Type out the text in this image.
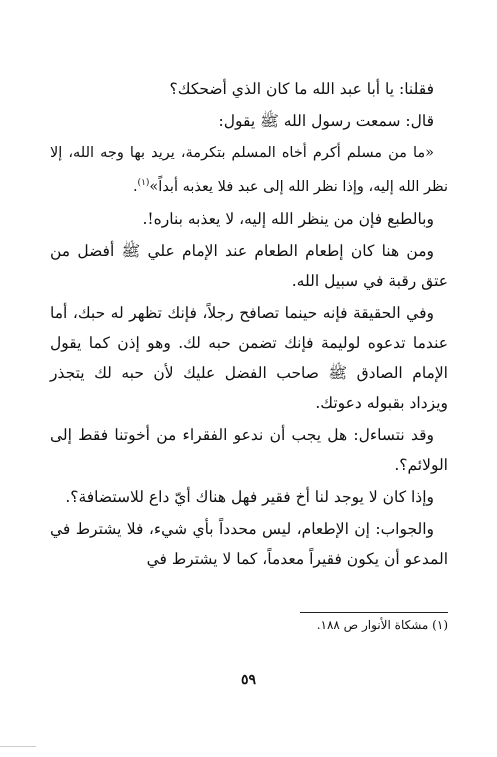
فقلنا: يا أبا عبد الله ما كان الذي أضحكك؟

قال: سمعت رسول الله ﷺ يقول:

«ما من مسلم أكرم أخاه المسلم بتكرمة، يريد بها وجه الله، إلا نظر الله إليه، وإذا نظر الله إلى عبد فلا يعذبه أبداً»$^{(١)}$.

وبالطبع فإن من ينظر الله إليه، لا يعذبه بناره!.

ومن هنا كان إطعام الطعام عند الإمام علي ﷺ أفضل من عتق رقبة في سبيل الله.

وفي الحقيقة فإنه حينما تصافح رجلاً، فإنك تظهر له حبك، أما عندما تدعوه لوليمة فإنك تضمن حبه لك. وهو إذن كما يقول الإمام الصادق ﷺ صاحب الفضل عليك لأن حبه لك يتجذر ويزداد بقبوله دعوتك.

وقد نتساءل: هل يجب أن ندعو الفقراء من أخوتنا فقط إلى الولائم؟.

وإذا كان لا يوجد لنا أخ فقير فهل هناك أيّ داع للاستضافة؟.

والجواب: إن الإطعام، ليس محدداً بأي شيء، فلا يشترط في المدعو أن يكون فقيراً معدماً، كما لا يشترط في

(١) مشكاة الأنوار ص ١٨٨.
٥٩
